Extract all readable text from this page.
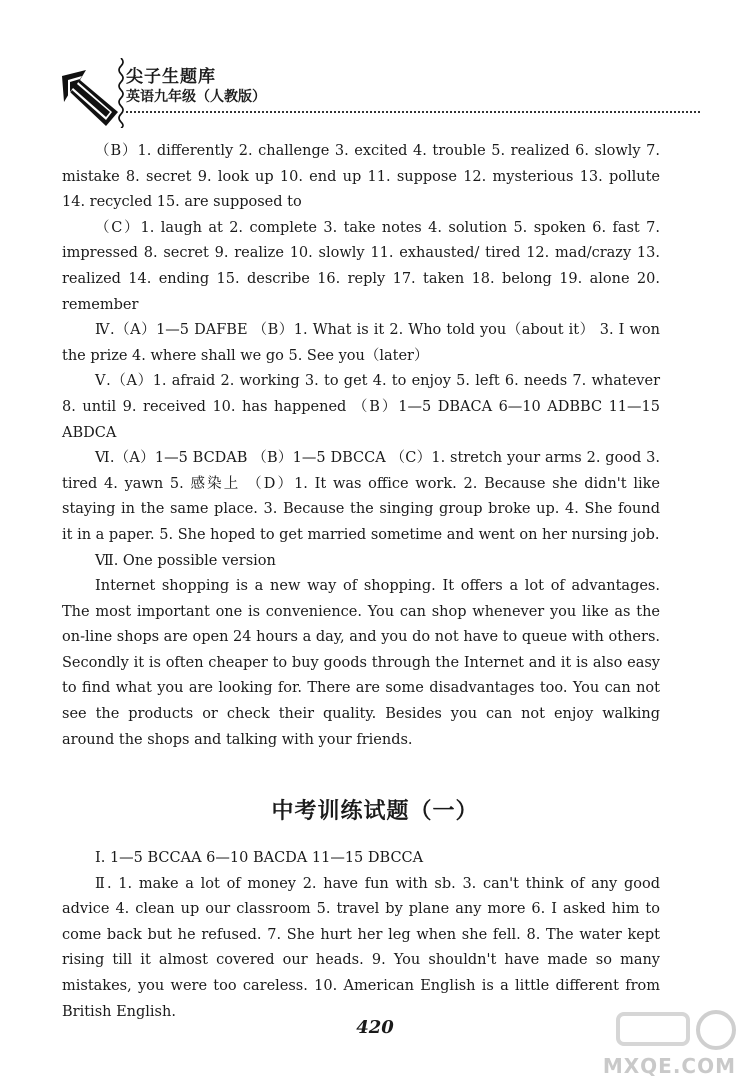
尖子生题库
英语九年级（人教版）

（B）1. differently 2. challenge 3. excited 4. trouble 5. realized 6. slowly 7. mistake 8. secret 9. look up 10. end up 11. suppose 12. mysterious 13. pollute 14. recycled 15. are supposed to

（C）1. laugh at 2. complete 3. take notes 4. solution 5. spoken 6. fast 7. impressed 8. secret 9. realize 10. slowly 11. exhausted/ tired 12. mad/crazy 13. realized 14. ending 15. describe 16. reply 17. taken 18. belong 19. alone 20. remember

Ⅳ.（A）1—5 DAFBE （B）1. What is it 2. Who told you（about it） 3. I won the prize 4. where shall we go 5. See you（later）

Ⅴ.（A）1. afraid 2. working 3. to get 4. to enjoy 5. left 6. needs 7. whatever 8. until 9. received 10. has happened （B）1—5 DBACA 6—10 ADBBC 11—15 ABDCA

Ⅵ.（A）1—5 BCDAB （B）1—5 DBCCA （C）1. stretch your arms 2. good 3. tired 4. yawn 5. 感染上 （D）1. It was office work. 2. Because she didn't like staying in the same place. 3. Because the singing group broke up. 4. She found it in a paper. 5. She hoped to get married sometime and went on her nursing job.

Ⅶ. One possible version

Internet shopping is a new way of shopping. It offers a lot of advantages. The most important one is convenience. You can shop whenever you like as the on-line shops are open 24 hours a day, and you do not have to queue with others. Secondly it is often cheaper to buy goods through the Internet and it is also easy to find what you are looking for. There are some disadvantages too. You can not see the products or check their quality. Besides you can not enjoy walking around the shops and talking with your friends.

中考训练试题（一）

Ⅰ. 1—5 BCCAA 6—10 BACDA 11—15 DBCCA

Ⅱ. 1. make a lot of money 2. have fun with sb. 3. can't think of any good advice 4. clean up our classroom 5. travel by plane any more 6. I asked him to come back but he refused. 7. She hurt her leg when she fell. 8. The water kept rising till it almost covered our heads. 9. You shouldn't have made so many mistakes, you were too careless. 10. American English is a little different from British English.

420
MXQE.COM
